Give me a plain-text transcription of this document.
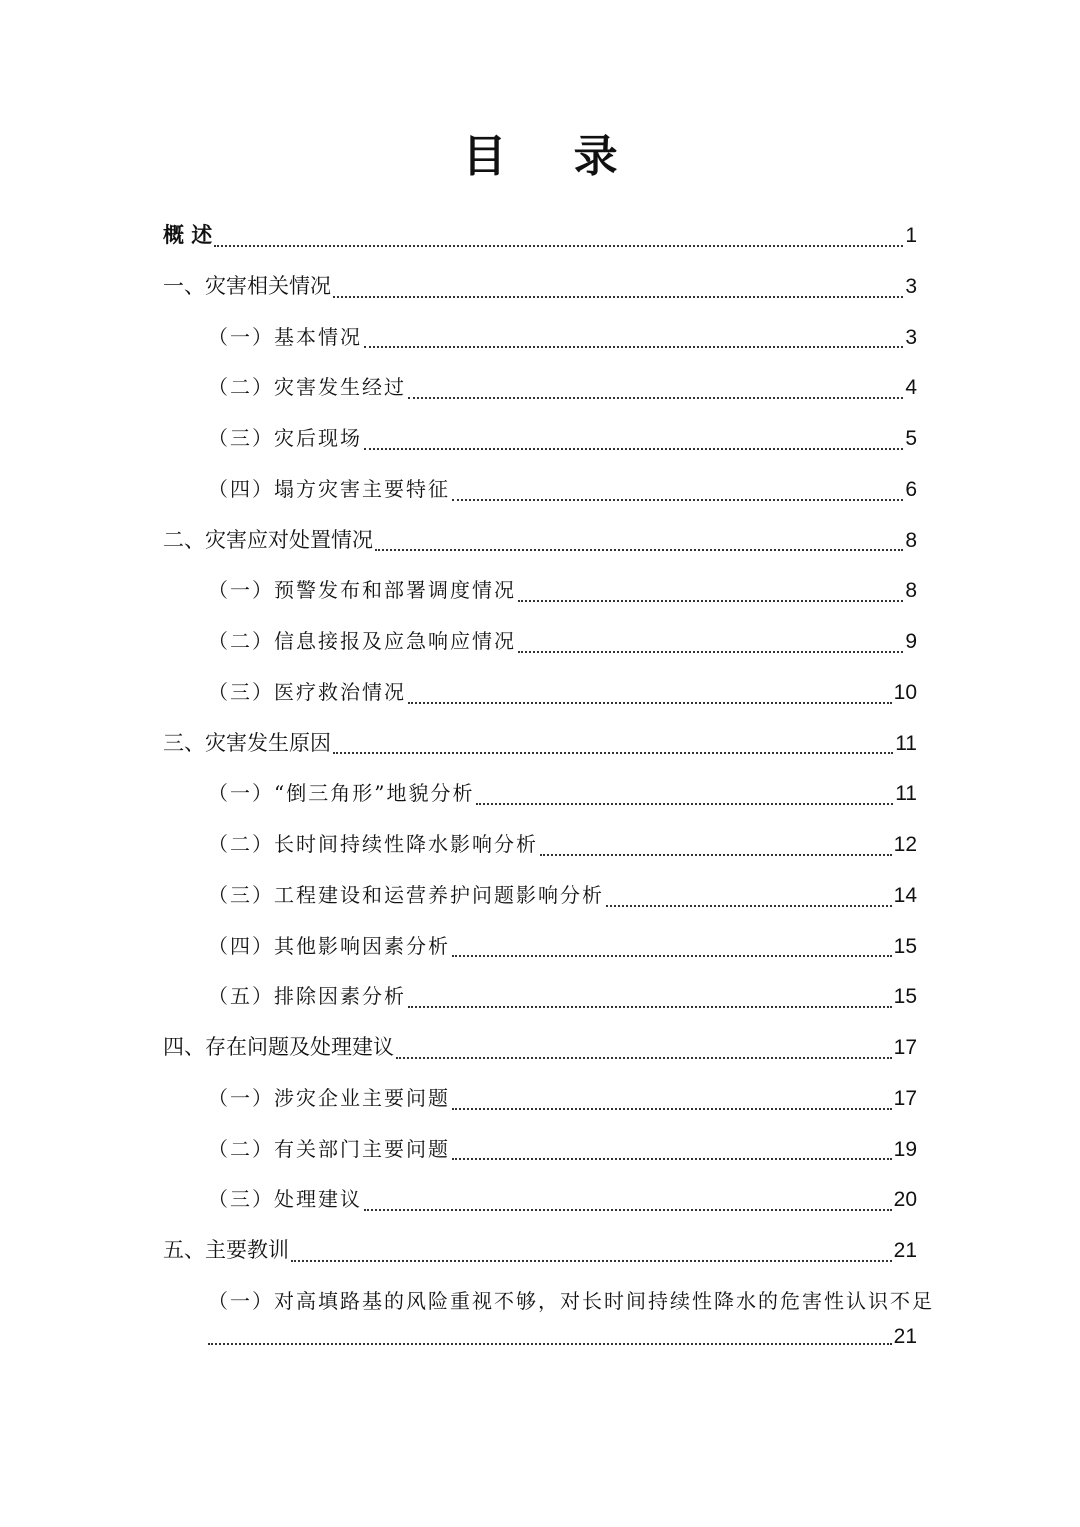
目 录
概 述	1
一、灾害相关情况	3
（一）基本情况	3
（二）灾害发生经过	4
（三）灾后现场	5
（四）塌方灾害主要特征	6
二、灾害应对处置情况	8
（一）预警发布和部署调度情况	8
（二）信息接报及应急响应情况	9
（三）医疗救治情况	10
三、灾害发生原因	11
（一）“倒三角形”地貌分析	11
（二）长时间持续性降水影响分析	12
（三）工程建设和运营养护问题影响分析	14
（四）其他影响因素分析	15
（五）排除因素分析	15
四、存在问题及处理建议	17
（一）涉灾企业主要问题	17
（二）有关部门主要问题	19
（三）处理建议	20
五、主要教训	21
（一）对高填路基的风险重视不够，对长时间持续性降水的危害性认识不足
21
